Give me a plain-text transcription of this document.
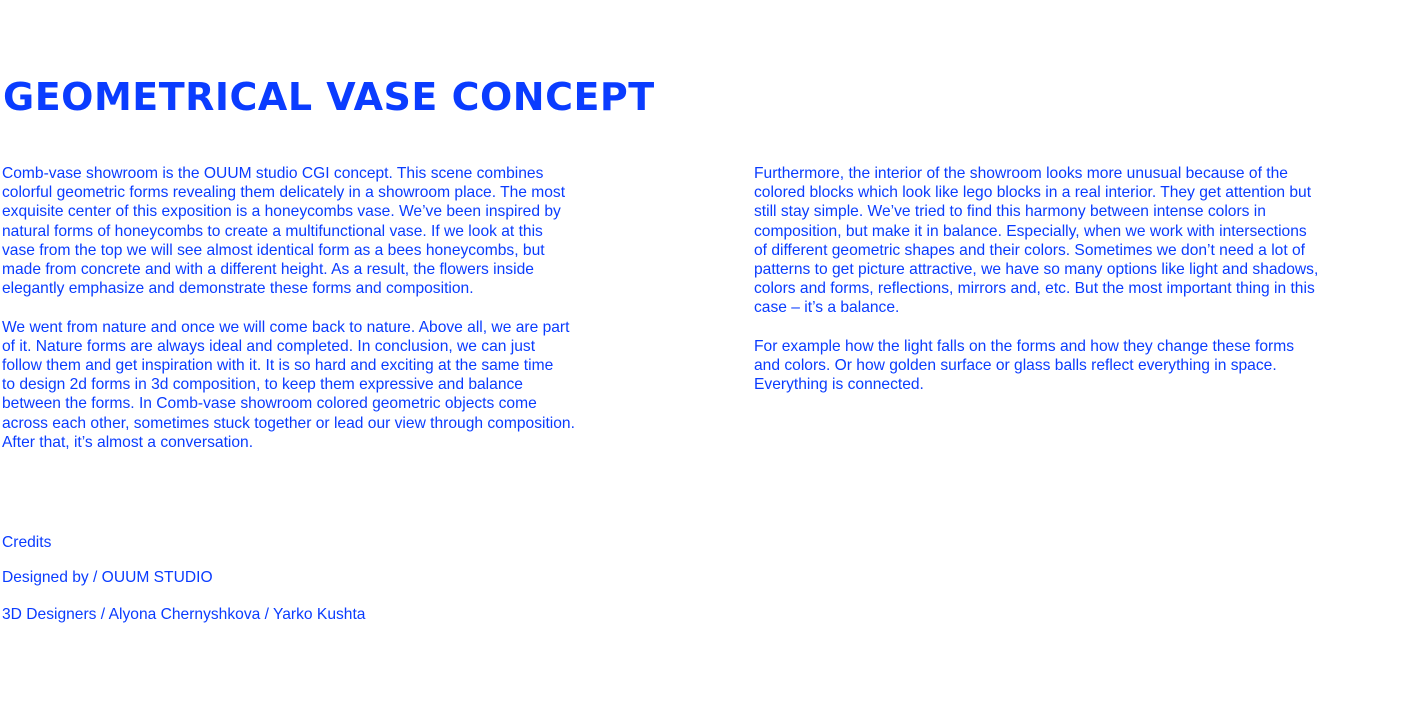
GEOMETRICAL VASE CONCEPT

Comb-vase showroom is the OUUM studio CGI concept. This scene combines
colorful geometric forms revealing them delicately in a showroom place. The most
exquisite center of this exposition is a honeycombs vase. We’ve been inspired by
natural forms of honeycombs to create a multifunctional vase. If we look at this
vase from the top we will see almost identical form as a bees honeycombs, but
made from concrete and with a different height. As a result, the flowers inside
elegantly emphasize and demonstrate these forms and composition.

We went from nature and once we will come back to nature. Above all, we are part
of it. Nature forms are always ideal and completed. In conclusion, we can just
follow them and get inspiration with it. It is so hard and exciting at the same time
to design 2d forms in 3d composition, to keep them expressive and balance
between the forms. In Comb-vase showroom colored geometric objects come
across each other, sometimes stuck together or lead our view through composition.
After that, it’s almost a conversation.

Furthermore, the interior of the showroom looks more unusual because of the
colored blocks which look like lego blocks in a real interior. They get attention but
still stay simple. We’ve tried to find this harmony between intense colors in
composition, but make it in balance. Especially, when we work with intersections
of different geometric shapes and their colors. Sometimes we don’t need a lot of
patterns to get picture attractive, we have so many options like light and shadows,
colors and forms, reflections, mirrors and, etc. But the most important thing in this
case – it’s a balance.

For example how the light falls on the forms and how they change these forms
and colors. Or how golden surface or glass balls reflect everything in space.
Everything is connected.

Credits
Designed by / OUUM STUDIO
3D Designers / Alyona Chernyshkova / Yarko Kushta
